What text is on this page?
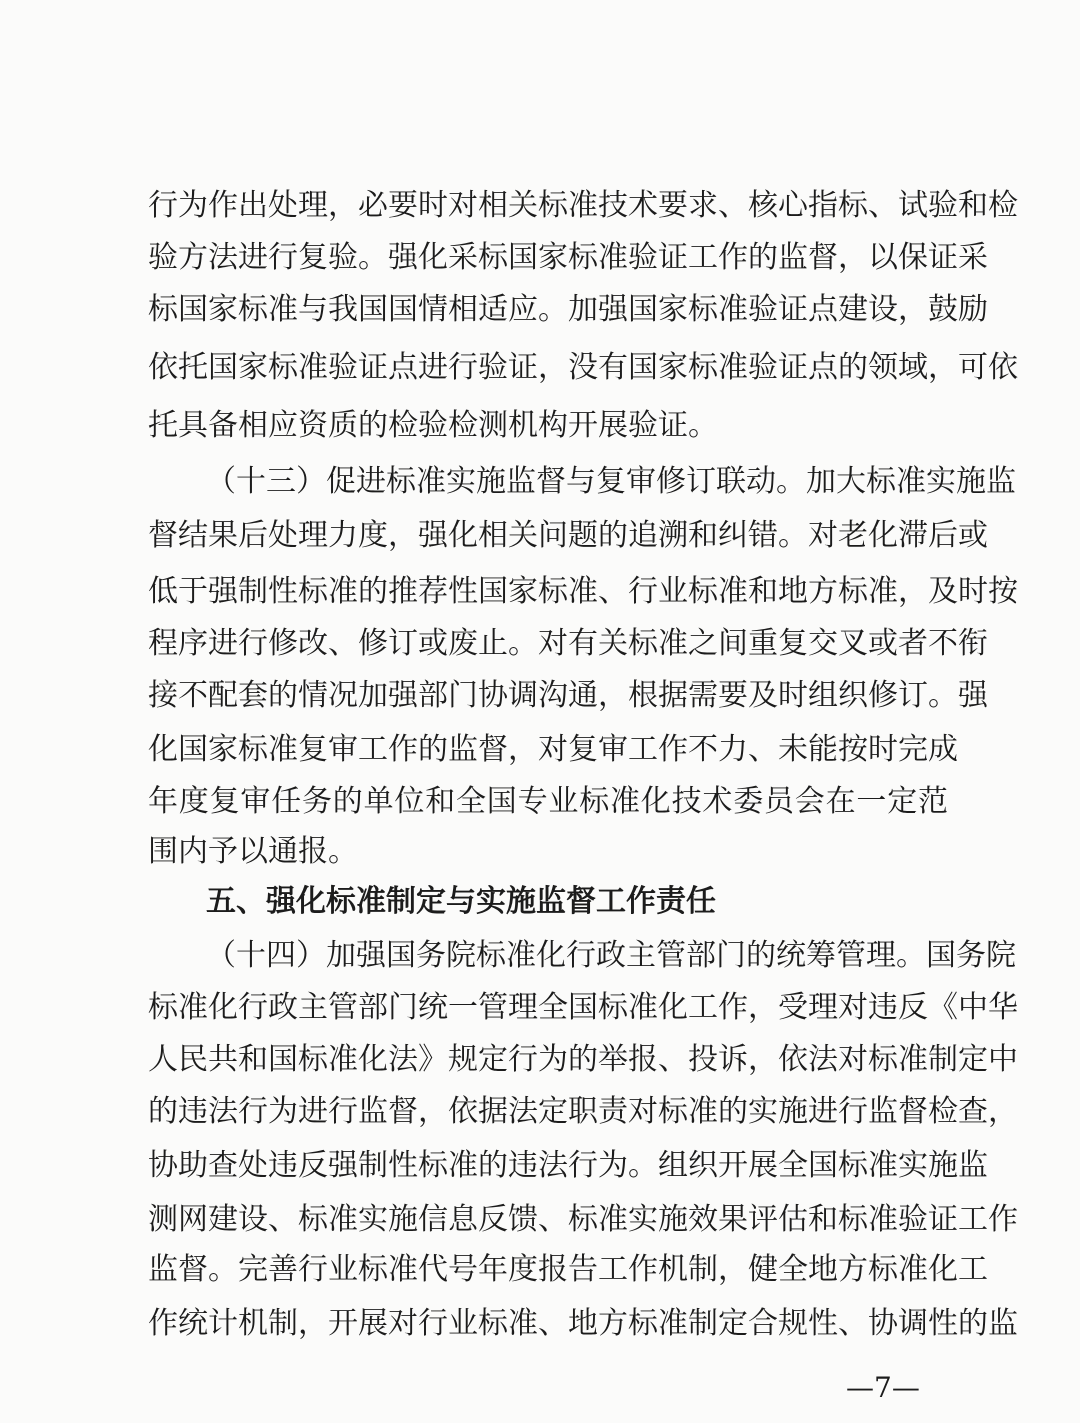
行为作出处理，必要时对相关标准技术要求、核心指标、试验和检
验方法进行复验。强化采标国家标准验证工作的监督，以保证采
标国家标准与我国国情相适应。加强国家标准验证点建设，鼓励
依托国家标准验证点进行验证，没有国家标准验证点的领域，可依
托具备相应资质的检验检测机构开展验证。
（十三）促进标准实施监督与复审修订联动。加大标准实施监
督结果后处理力度，强化相关问题的追溯和纠错。对老化滞后或
低于强制性标准的推荐性国家标准、行业标准和地方标准，及时按
程序进行修改、修订或废止。对有关标准之间重复交叉或者不衔
接不配套的情况加强部门协调沟通，根据需要及时组织修订。强
化国家标准复审工作的监督，对复审工作不力、未能按时完成
年度复审任务的单位和全国专业标准化技术委员会在一定范
围内予以通报。
五、强化标准制定与实施监督工作责任
（十四）加强国务院标准化行政主管部门的统筹管理。国务院
标准化行政主管部门统一管理全国标准化工作，受理对违反《中华
人民共和国标准化法》规定行为的举报、投诉，依法对标准制定中
的违法行为进行监督，依据法定职责对标准的实施进行监督检查，
协助查处违反强制性标准的违法行为。组织开展全国标准实施监
测网建设、标准实施信息反馈、标准实施效果评估和标准验证工作
监督。完善行业标准代号年度报告工作机制，健全地方标准化工
作统计机制，开展对行业标准、地方标准制定合规性、协调性的监
—7—
